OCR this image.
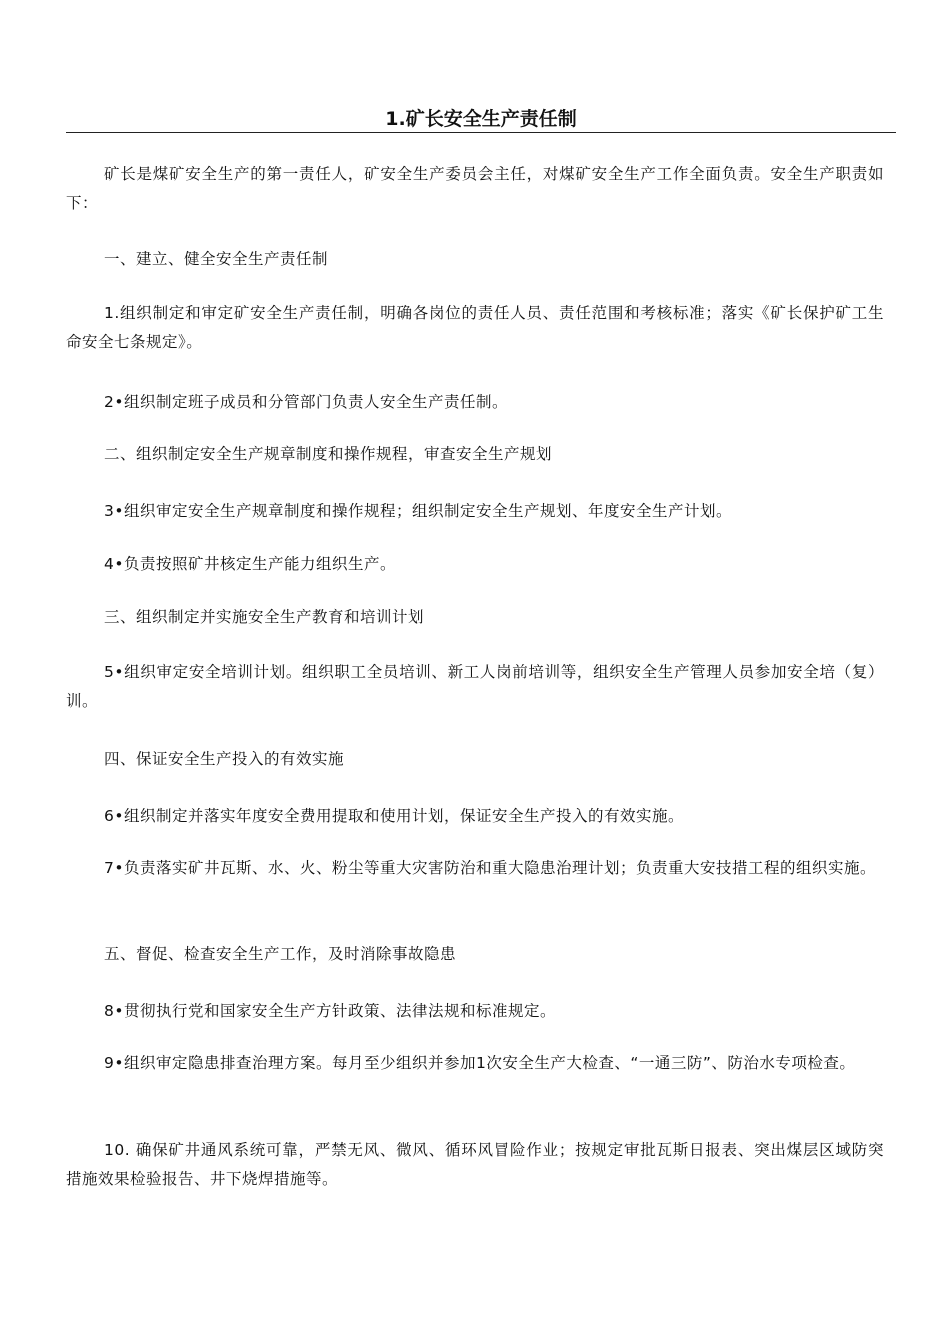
1.矿长安全生产责任制

矿长是煤矿安全生产的第一责任人，矿安全生产委员会主任，对煤矿安全生产工作全面负责。安全生产职责如下：

一、建立、健全安全生产责任制

1.组织制定和审定矿安全生产责任制，明确各岗位的责任人员、责任范围和考核标准；落实《矿长保护矿工生命安全七条规定》。

2•组织制定班子成员和分管部门负责人安全生产责任制。

二、组织制定安全生产规章制度和操作规程，审查安全生产规划

3•组织审定安全生产规章制度和操作规程；组织制定安全生产规划、年度安全生产计划。

4•负责按照矿井核定生产能力组织生产。

三、组织制定并实施安全生产教育和培训计划

5•组织审定安全培训计划。组织职工全员培训、新工人岗前培训等，组织安全生产管理人员参加安全培（复）训。

四、保证安全生产投入的有效实施

6•组织制定并落实年度安全费用提取和使用计划，保证安全生产投入的有效实施。

7•负责落实矿井瓦斯、水、火、粉尘等重大灾害防治和重大隐患治理计划；负责重大安技措工程的组织实施。

五、督促、检查安全生产工作，及时消除事故隐患

8•贯彻执行党和国家安全生产方针政策、法律法规和标准规定。

9•组织审定隐患排查治理方案。每月至少组织并参加1次安全生产大检查、“一通三防”、防治水专项检查。

10. 确保矿井通风系统可靠，严禁无风、微风、循环风冒险作业；按规定审批瓦斯日报表、突出煤层区域防突措施效果检验报告、井下烧焊措施等。
